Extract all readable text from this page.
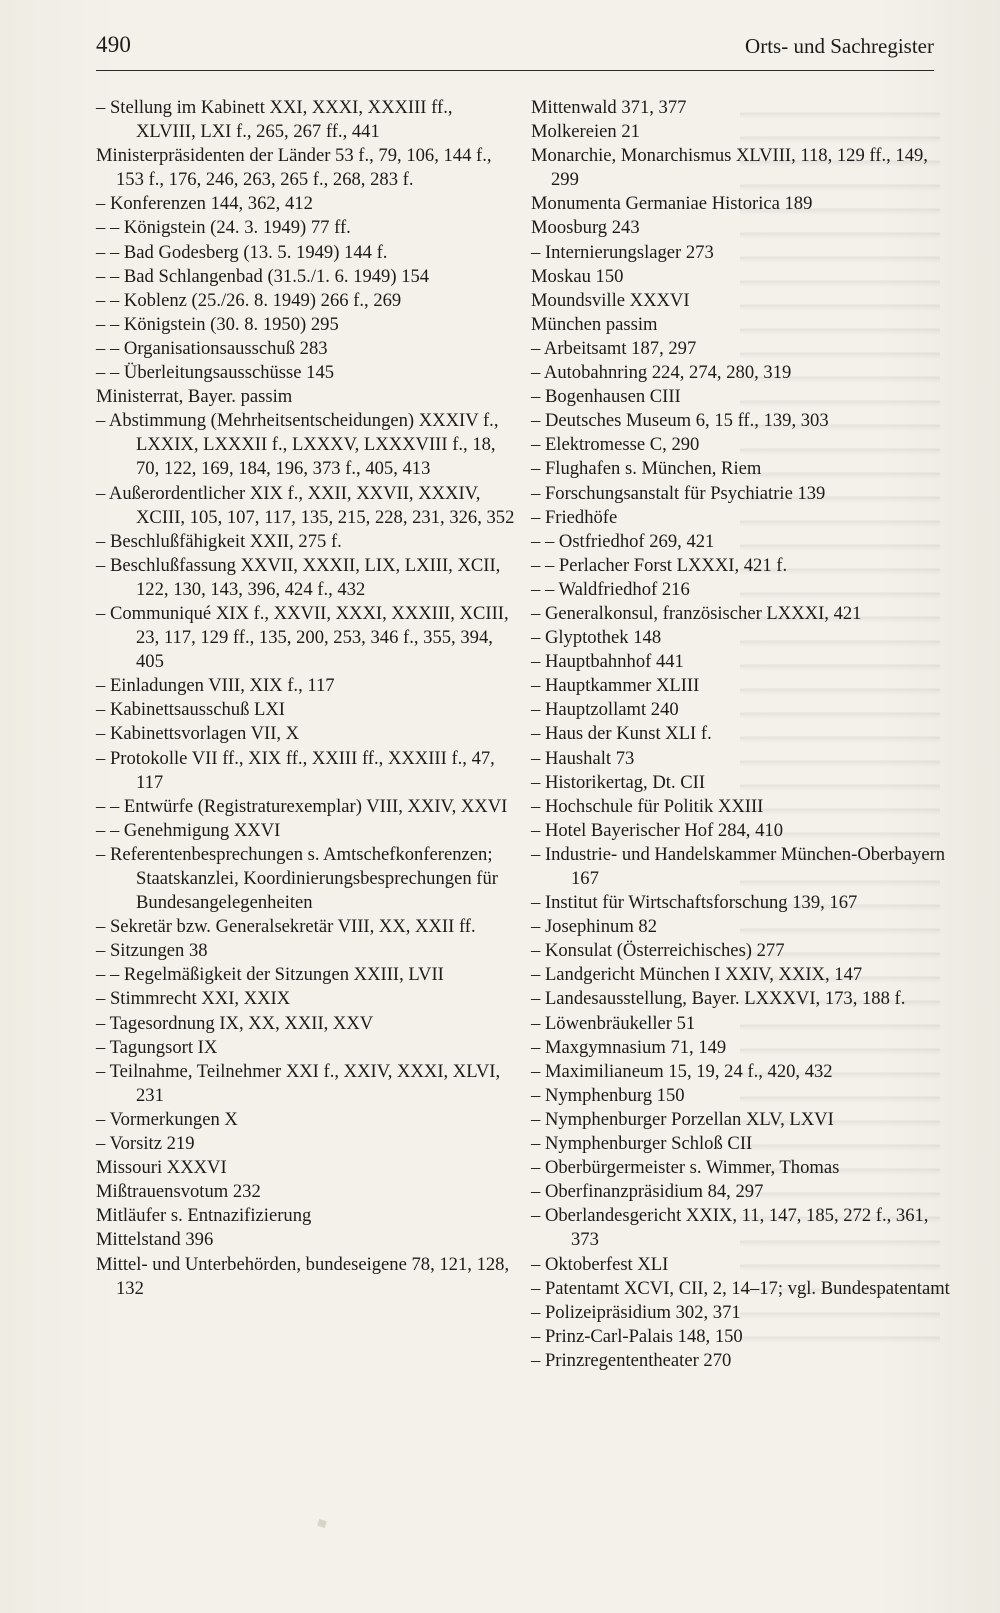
490	Orts- und Sachregister

– Stellung im Kabinett XXI, XXXI, XXXIII ff., XLVIII, LXI f., 265, 267 ff., 441

Ministerpräsidenten der Länder 53 f., 79, 106, 144 f., 153 f., 176, 246, 263, 265 f., 268, 283 f.

– Konferenzen 144, 362, 412

– – Königstein (24. 3. 1949) 77 ff.

– – Bad Godesberg (13. 5. 1949) 144 f.

– – Bad Schlangenbad (31.5./1. 6. 1949) 154

– – Koblenz (25./26. 8. 1949) 266 f., 269

– – Königstein (30. 8. 1950) 295

– – Organisationsausschuß 283

– – Überleitungsausschüsse 145

Ministerrat, Bayer. passim

– Abstimmung (Mehrheitsentscheidungen) XXXIV f., LXXIX, LXXXII f., LXXXV, LXXXVIII f., 18, 70, 122, 169, 184, 196, 373 f., 405, 413

– Außerordentlicher XIX f., XXII, XXVII, XXXIV, XCIII, 105, 107, 117, 135, 215, 228, 231, 326, 352

– Beschlußfähigkeit XXII, 275 f.

– Beschlußfassung XXVII, XXXII, LIX, LXIII, XCII, 122, 130, 143, 396, 424 f., 432

– Communiqué XIX f., XXVII, XXXI, XXXIII, XCIII, 23, 117, 129 ff., 135, 200, 253, 346 f., 355, 394, 405

– Einladungen VIII, XIX f., 117

– Kabinettsausschuß LXI

– Kabinettsvorlagen VII, X

– Protokolle VII ff., XIX ff., XXIII ff., XXXIII f., 47, 117

– – Entwürfe (Registraturexemplar) VIII, XXIV, XXVI

– – Genehmigung XXVI

– Referentenbesprechungen s. Amtschefkonferenzen; Staatskanzlei, Koordinierungsbesprechungen für Bundesangelegenheiten

– Sekretär bzw. Generalsekretär VIII, XX, XXII ff.

– Sitzungen 38

– – Regelmäßigkeit der Sitzungen XXIII, LVII

– Stimmrecht XXI, XXIX

– Tagesordnung IX, XX, XXII, XXV

– Tagungsort IX

– Teilnahme, Teilnehmer XXI f., XXIV, XXXI, XLVI, 231

– Vormerkungen X

– Vorsitz 219

Missouri XXXVI

Mißtrauensvotum 232

Mitläufer s. Entnazifizierung

Mittelstand 396

Mittel- und Unterbehörden, bundeseigene 78, 121, 128, 132

Mittenwald 371, 377

Molkereien 21

Monarchie, Monarchismus XLVIII, 118, 129 ff., 149, 299

Monumenta Germaniae Historica 189

Moosburg 243

– Internierungslager 273

Moskau 150

Moundsville XXXVI

München passim

– Arbeitsamt 187, 297

– Autobahnring 224, 274, 280, 319

– Bogenhausen CIII

– Deutsches Museum 6, 15 ff., 139, 303

– Elektromesse C, 290

– Flughafen s. München, Riem

– Forschungsanstalt für Psychiatrie 139

– Friedhöfe

– – Ostfriedhof 269, 421

– – Perlacher Forst LXXXI, 421 f.

– – Waldfriedhof 216

– Generalkonsul, französischer LXXXI, 421

– Glyptothek 148

– Hauptbahnhof 441

– Hauptkammer XLIII

– Hauptzollamt 240

– Haus der Kunst XLI f.

– Haushalt 73

– Historikertag, Dt. CII

– Hochschule für Politik XXIII

– Hotel Bayerischer Hof 284, 410

– Industrie- und Handelskammer München-Oberbayern 167

– Institut für Wirtschaftsforschung 139, 167

– Josephinum 82

– Konsulat (Österreichisches) 277

– Landgericht München I XXIV, XXIX, 147

– Landesausstellung, Bayer. LXXXVI, 173, 188 f.

– Löwenbräukeller 51

– Maxgymnasium 71, 149

– Maximilianeum 15, 19, 24 f., 420, 432

– Nymphenburg 150

– Nymphenburger Porzellan XLV, LXVI

– Nymphenburger Schloß CII

– Oberbürgermeister s. Wimmer, Thomas

– Oberfinanzpräsidium 84, 297

– Oberlandesgericht XXIX, 11, 147, 185, 272 f., 361, 373

– Oktoberfest XLI

– Patentamt XCVI, CII, 2, 14–17; vgl. Bundespatentamt

– Polizeipräsidium 302, 371

– Prinz-Carl-Palais 148, 150

– Prinzregententheater 270
